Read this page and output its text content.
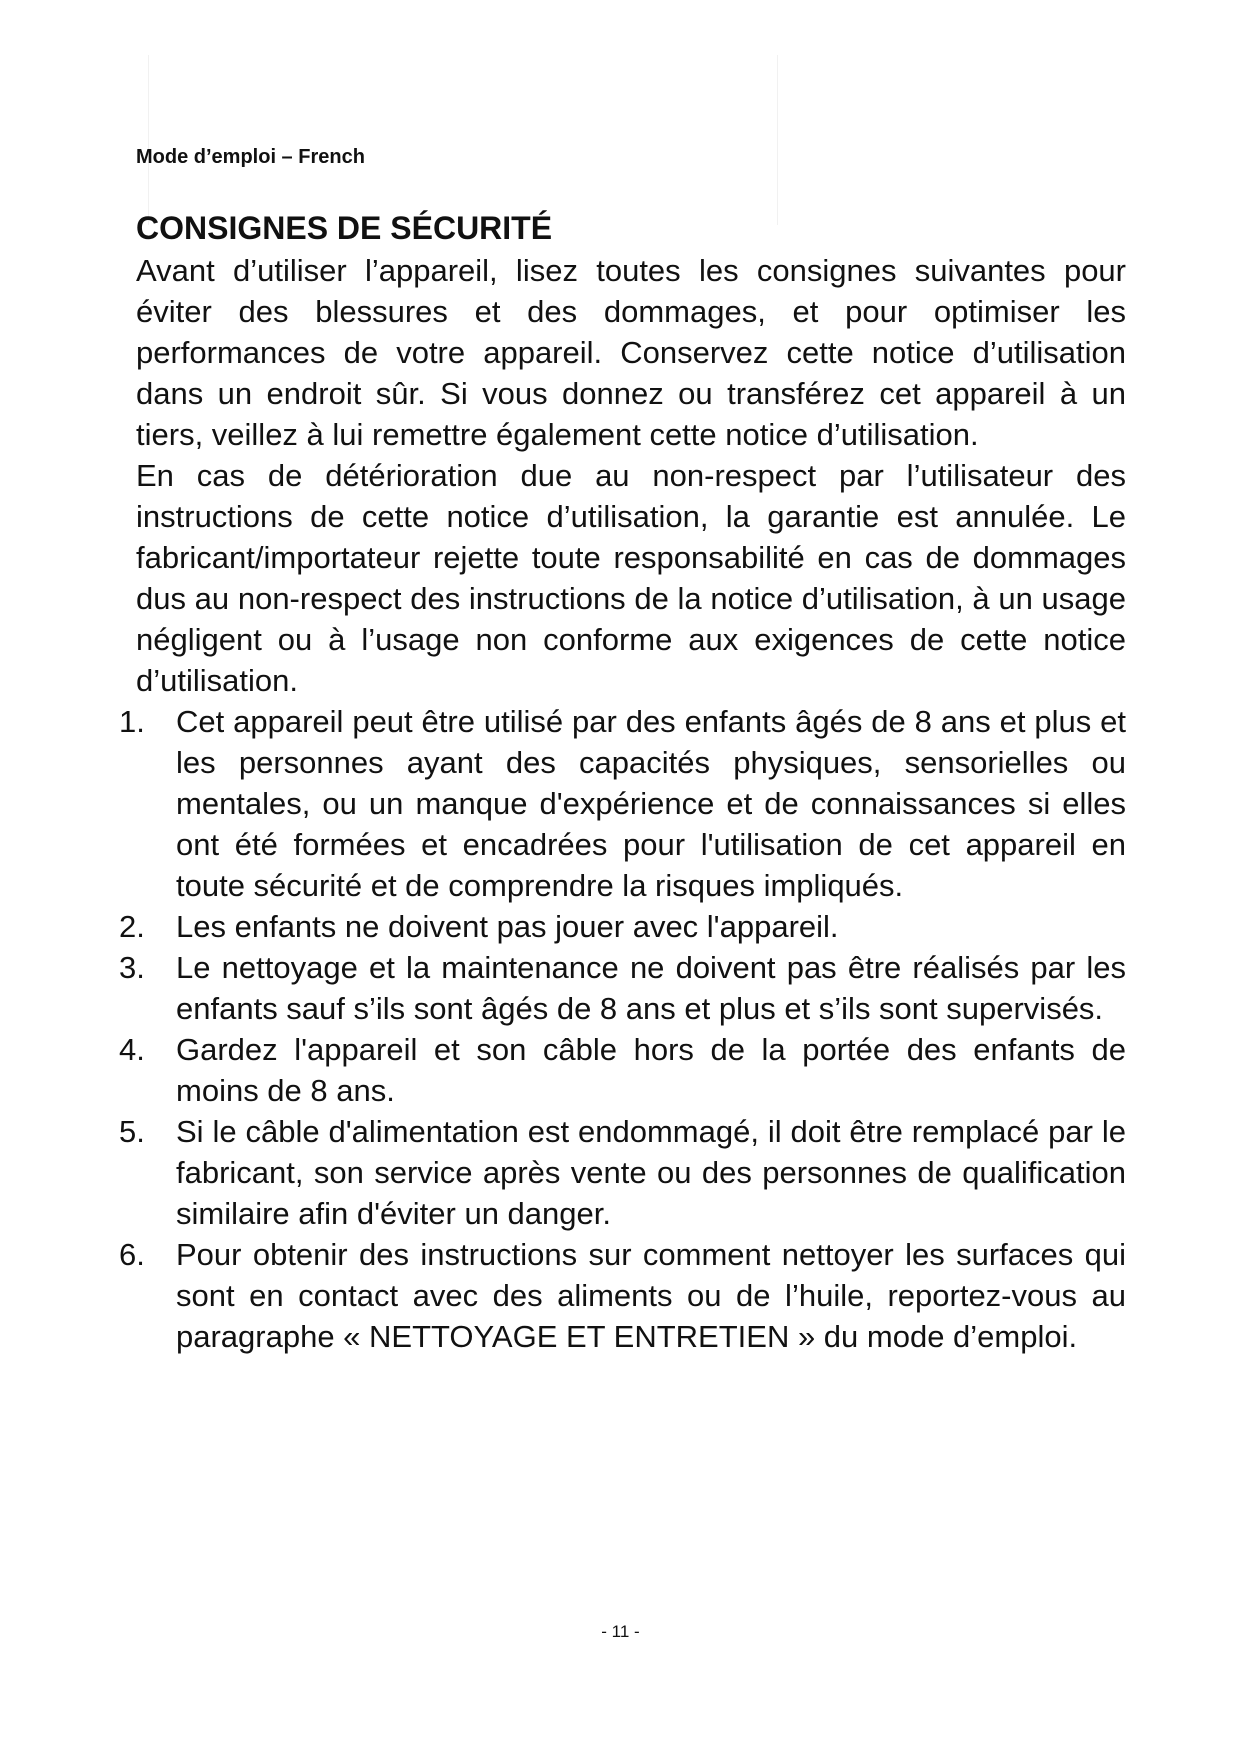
Mode d’emploi – French
CONSIGNES DE SÉCURITÉ

Avant d’utiliser l’appareil, lisez toutes les consignes suivantes pour éviter des blessures et des dommages, et pour optimiser les performances de votre appareil. Conservez cette notice d’utilisation dans un endroit sûr. Si vous donnez ou transférez cet appareil à un tiers, veillez à lui remettre également cette notice d’utilisation.

En cas de détérioration due au non-respect par l’utilisateur des instructions de cette notice d’utilisation, la garantie est annulée. Le fabricant/importateur rejette toute responsabilité en cas de dommages dus au non-respect des instructions de la notice d’utilisation, à un usage négligent ou à l’usage non conforme aux exigences de cette notice d’utilisation.

1.	Cet appareil peut être utilisé par des enfants âgés de 8 ans et plus et les personnes ayant des capacités physiques, sensorielles ou mentales, ou un manque d'expérience et de connaissances si elles ont été formées et encadrées pour l'utilisation de cet appareil en toute sécurité et de comprendre la risques impliqués.
2.	Les enfants ne doivent pas jouer avec l'appareil.
3.	Le nettoyage et la maintenance ne doivent pas être réalisés par les enfants sauf s’ils sont âgés de 8 ans et plus et s’ils sont supervisés.
4.	Gardez l'appareil et son câble hors de la portée des enfants de moins de 8 ans.
5.	Si le câble d'alimentation est endommagé, il doit être remplacé par le fabricant, son service après vente ou des personnes de qualification similaire afin d'éviter un danger.
6.	Pour obtenir des instructions sur comment nettoyer les surfaces qui sont en contact avec des aliments ou de l’huile, reportez-vous au paragraphe « NETTOYAGE ET ENTRETIEN » du mode d’emploi.
- 11 -
